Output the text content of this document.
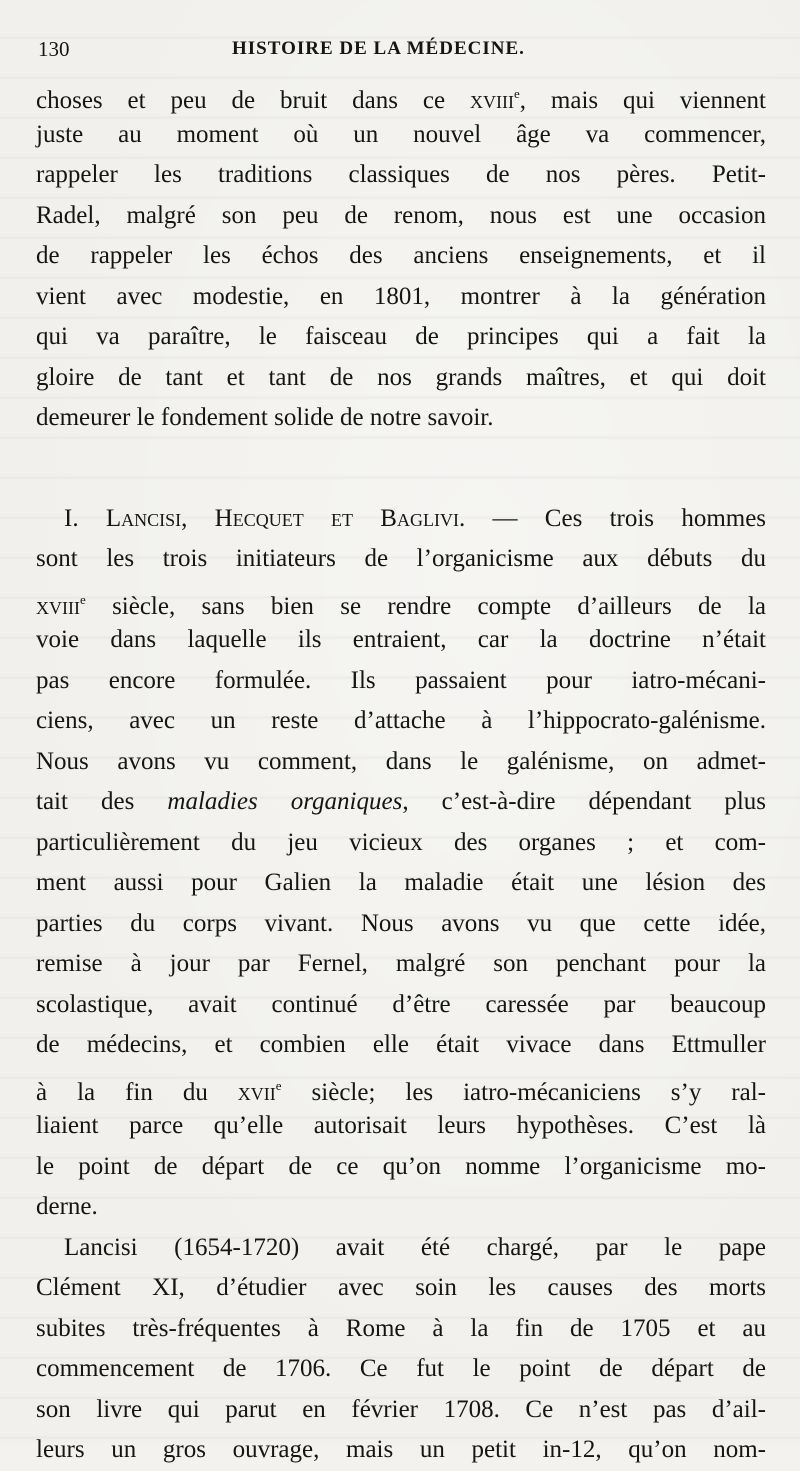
130	HISTOIRE DE LA MÉDECINE.
choses et peu de bruit dans ce xviii$^e$, mais qui viennent
juste au moment où un nouvel âge va commencer,
rappeler les traditions classiques de nos pères. Petit-
Radel, malgré son peu de renom, nous est une occasion
de rappeler les échos des anciens enseignements, et il
vient avec modestie, en 1801, montrer à la génération
qui va paraître, le faisceau de principes qui a fait la
gloire de tant et tant de nos grands maîtres, et qui doit
demeurer le fondement solide de notre savoir.
I. Lancisi, Hecquet et Baglivi. — Ces trois hommes
sont les trois initiateurs de l’organicisme aux débuts du
xviii$^e$ siècle, sans bien se rendre compte d’ailleurs de la
voie dans laquelle ils entraient, car la doctrine n’était
pas encore formulée. Ils passaient pour iatro-mécani-
ciens, avec un reste d’attache à l’hippocrato-galénisme.
Nous avons vu comment, dans le galénisme, on admet-
tait des maladies organiques, c’est-à-dire dépendant plus
particulièrement du jeu vicieux des organes ; et com-
ment aussi pour Galien la maladie était une lésion des
parties du corps vivant. Nous avons vu que cette idée,
remise à jour par Fernel, malgré son penchant pour la
scolastique, avait continué d’être caressée par beaucoup
de médecins, et combien elle était vivace dans Ettmuller
à la fin du xvii$^e$ siècle; les iatro-mécaniciens s’y ral-
liaient parce qu’elle autorisait leurs hypothèses. C’est là
le point de départ de ce qu’on nomme l’organicisme mo-
derne.
Lancisi (1654-1720) avait été chargé, par le pape
Clément XI, d’étudier avec soin les causes des morts
subites très-fréquentes à Rome à la fin de 1705 et au
commencement de 1706. Ce fut le point de départ de
son livre qui parut en février 1708. Ce n’est pas d’ail-
leurs un gros ouvrage, mais un petit in-12, qu’on nom-
